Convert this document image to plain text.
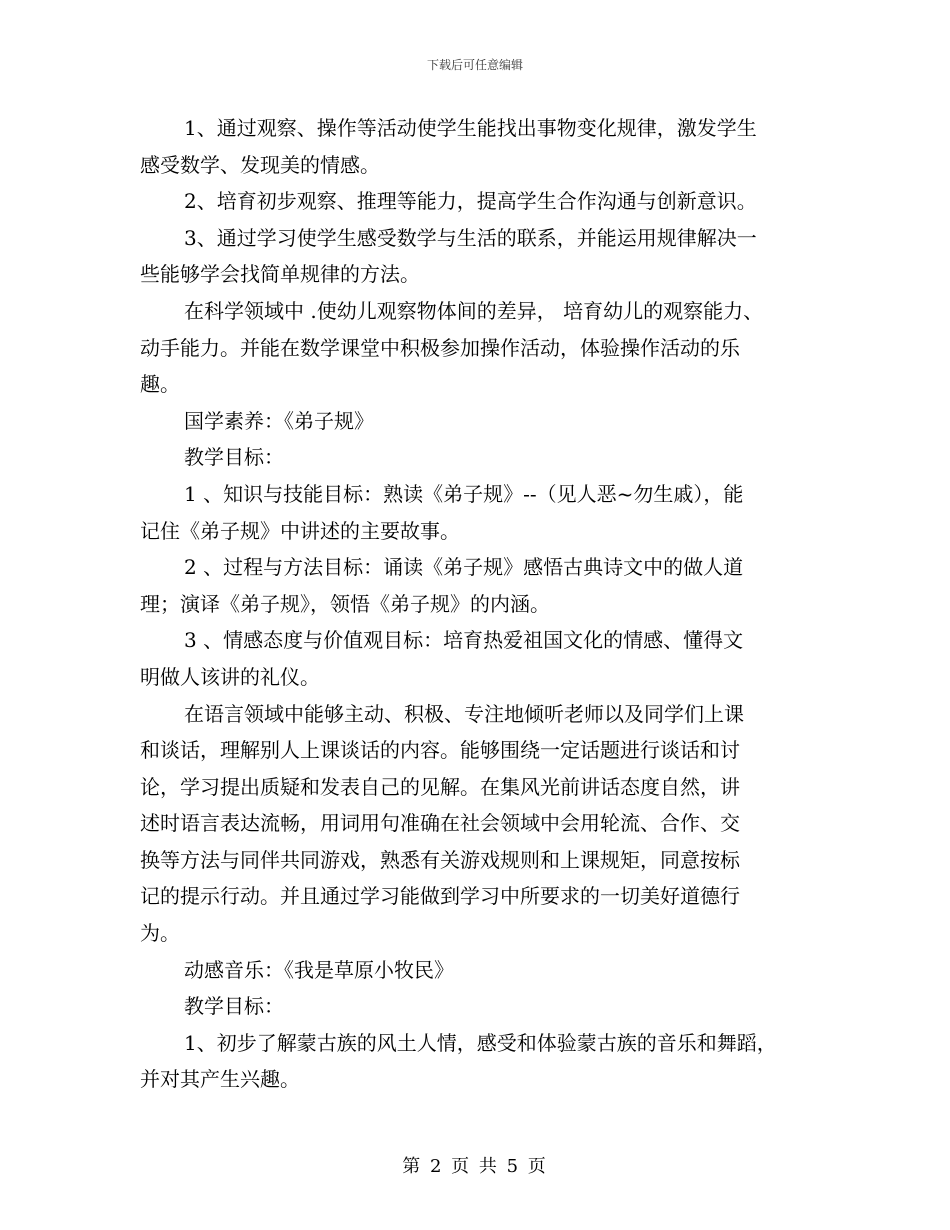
下载后可任意编辑

1、通过观察、操作等活动使学生能找出事物变化规律，激发学生
感受数学、发现美的情感。

2、培育初步观察、推理等能力，提高学生合作沟通与创新意识。

3、通过学习使学生感受数学与生活的联系，并能运用规律解决一
些能够学会找简单规律的方法。

在科学领域中 .使幼儿观察物体间的差异， 培育幼儿的观察能力、
动手能力。并能在数学课堂中积极参加操作活动，体验操作活动的乐
趣。

国学素养：《弟子规》

教学目标：

1 、知识与技能目标：熟读《弟子规》--（见人恶~勿生戚），能
记住《弟子规》中讲述的主要故事。

2 、过程与方法目标：诵读《弟子规》感悟古典诗文中的做人道
理；演译《弟子规》，领悟《弟子规》的内涵。

3 、情感态度与价值观目标：培育热爱祖国文化的情感、懂得文
明做人该讲的礼仪。

在语言领域中能够主动、积极、专注地倾听老师以及同学们上课
和谈话，理解别人上课谈话的内容。能够围绕一定话题进行谈话和讨
论，学习提出质疑和发表自己的见解。在集风光前讲话态度自然，讲
述时语言表达流畅，用词用句准确在社会领域中会用轮流、合作、交
换等方法与同伴共同游戏，熟悉有关游戏规则和上课规矩，同意按标
记的提示行动。并且通过学习能做到学习中所要求的一切美好道德行
为。

动感音乐：《我是草原小牧民》

教学目标：

1、初步了解蒙古族的风土人情，感受和体验蒙古族的音乐和舞蹈，
并对其产生兴趣。

第 2 页 共 5 页
